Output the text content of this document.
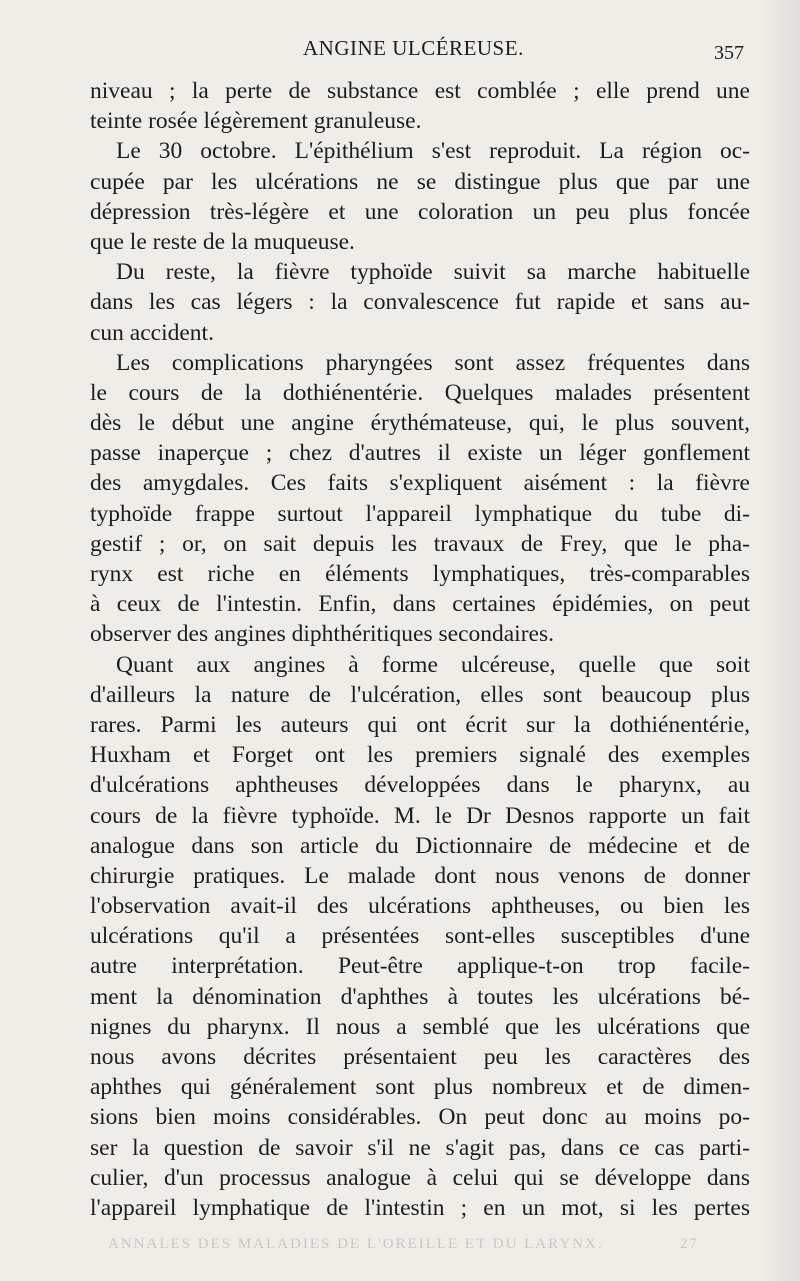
ANGINE ULCÉREUSE.	357
niveau ; la perte de substance est comblée ; elle prend une
teinte rosée légèrement granuleuse.
Le 30 octobre. L'épithélium s'est reproduit. La région oc-
cupée par les ulcérations ne se distingue plus que par une
dépression très-légère et une coloration un peu plus foncée
que le reste de la muqueuse.
Du reste, la fièvre typhoïde suivit sa marche habituelle
dans les cas légers : la convalescence fut rapide et sans au-
cun accident.
Les complications pharyngées sont assez fréquentes dans
le cours de la dothiénentérie. Quelques malades présentent
dès le début une angine érythémateuse, qui, le plus souvent,
passe inaperçue ; chez d'autres il existe un léger gonflement
des amygdales. Ces faits s'expliquent aisément : la fièvre
typhoïde frappe surtout l'appareil lymphatique du tube di-
gestif ; or, on sait depuis les travaux de Frey, que le pha-
rynx est riche en éléments lymphatiques, très-comparables
à ceux de l'intestin. Enfin, dans certaines épidémies, on peut
observer des angines diphthéritiques secondaires.
Quant aux angines à forme ulcéreuse, quelle que soit
d'ailleurs la nature de l'ulcération, elles sont beaucoup plus
rares. Parmi les auteurs qui ont écrit sur la dothiénentérie,
Huxham et Forget ont les premiers signalé des exemples
d'ulcérations aphtheuses développées dans le pharynx, au
cours de la fièvre typhoïde. M. le Dr Desnos rapporte un fait
analogue dans son article du Dictionnaire de médecine et de
chirurgie pratiques. Le malade dont nous venons de donner
l'observation avait-il des ulcérations aphtheuses, ou bien les
ulcérations qu'il a présentées sont-elles susceptibles d'une
autre interprétation. Peut-être applique-t-on trop facile-
ment la dénomination d'aphthes à toutes les ulcérations bé-
nignes du pharynx. Il nous a semblé que les ulcérations que
nous avons décrites présentaient peu les caractères des
aphthes qui généralement sont plus nombreux et de dimen-
sions bien moins considérables. On peut donc au moins po-
ser la question de savoir s'il ne s'agit pas, dans ce cas parti-
culier, d'un processus analogue à celui qui se développe dans
l'appareil lymphatique de l'intestin ; en un mot, si les pertes
ANNALES DES MALADIES DE L'OREILLE ET DU LARYNX.	27
